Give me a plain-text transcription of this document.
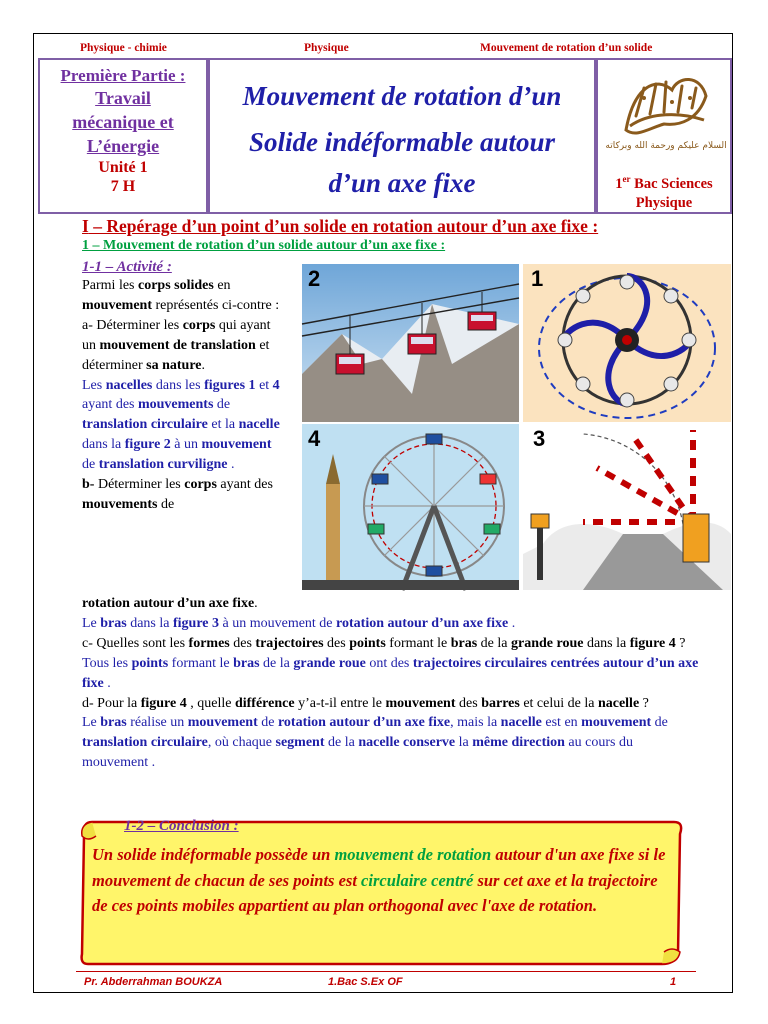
Physique - chimie	Physique	Mouvement de rotation d’un solide
Première Partie :
Travail
mécanique et
L’énergie
Unité 1
7 H
Mouvement de rotation d’un
Solide indéformable autour
d’un axe fixe
السلام عليكم ورحمة الله وبركاته
1er Bac Sciences
Physique
I – Repérage d’un point d’un solide en rotation autour d’un axe fixe :
1 – Mouvement de rotation d’un solide autour d’un axe fixe :
1-1 – Activité :
Parmi les corps solides en mouvement représentés ci-contre :
a- Déterminer les corps qui ayant un mouvement de translation et déterminer sa nature.
Les nacelles dans les figures 1 et 4 ayant des mouvements de translation circulaire et la nacelle dans la figure 2 à un mouvement de translation curviligne .
b- Déterminer les corps ayant des mouvements de
rotation autour d’un axe fixe.
Le bras dans la figure 3 à un mouvement de rotation autour d’un axe fixe .
c- Quelles sont les formes des trajectoires des points formant le bras de la grande roue dans la figure 4 ?
Tous les points formant le bras de la grande roue ont des trajectoires circulaires centrées autour d’un axe fixe .
d- Pour la figure 4 , quelle différence y’a-t-il entre le mouvement des barres et celui de la nacelle ?
Le bras réalise un mouvement de rotation autour d’un axe fixe, mais la nacelle est en mouvement de translation circulaire, où chaque segment de la nacelle conserve la même direction au cours du mouvement .
2	1
4	3
1-2 – Conclusion :
Un solide indéformable possède un mouvement de rotation autour d'un axe fixe si le mouvement de chacun de ses points est circulaire centré sur cet axe et la trajectoire de ces points mobiles appartient au plan orthogonal avec l'axe de rotation.
Pr. Abderrahman BOUKZA	1.Bac S.Ex OF	1
